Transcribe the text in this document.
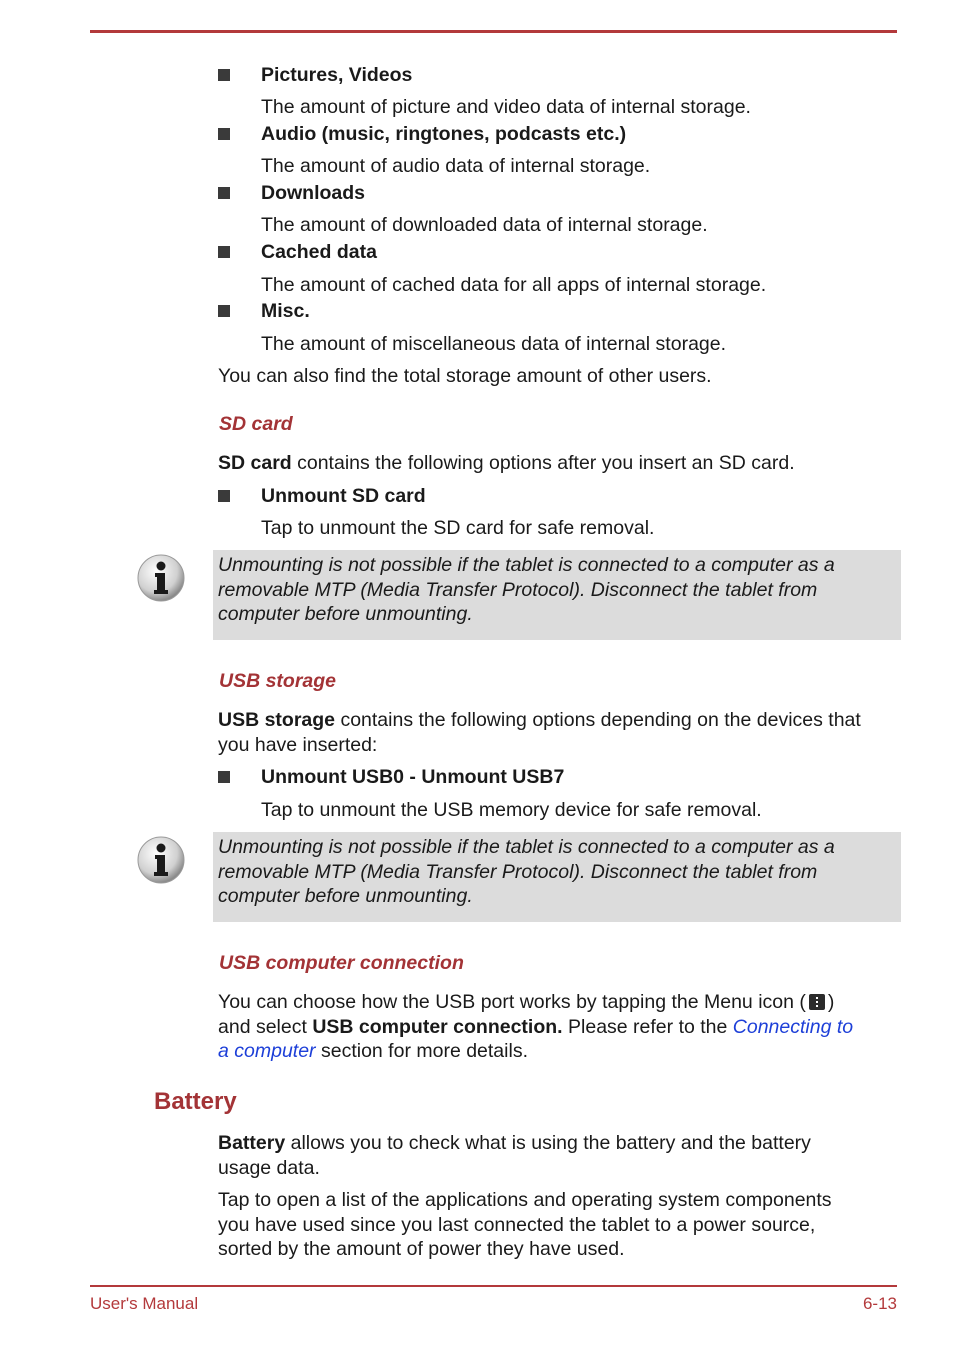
Pictures, Videos
The amount of picture and video data of internal storage.
Audio (music, ringtones, podcasts etc.)
The amount of audio data of internal storage.
Downloads
The amount of downloaded data of internal storage.
Cached data
The amount of cached data for all apps of internal storage.
Misc.
The amount of miscellaneous data of internal storage.
You can also find the total storage amount of other users.
SD card
SD card contains the following options after you insert an SD card.
Unmount SD card
Tap to unmount the SD card for safe removal.
Unmounting is not possible if the tablet is connected to a computer as a
removable MTP (Media Transfer Protocol). Disconnect the tablet from
computer before unmounting.
USB storage
USB storage contains the following options depending on the devices that
you have inserted:
Unmount USB0 - Unmount USB7
Tap to unmount the USB memory device for safe removal.
Unmounting is not possible if the tablet is connected to a computer as a
removable MTP (Media Transfer Protocol). Disconnect the tablet from
computer before unmounting.
USB computer connection
You can choose how the USB port works by tapping the Menu icon ( )
and select USB computer connection. Please refer to the Connecting to
a computer section for more details.
Battery
Battery allows you to check what is using the battery and the battery
usage data.
Tap to open a list of the applications and operating system components
you have used since you last connected the tablet to a power source,
sorted by the amount of power they have used.
User's Manual	6-13
